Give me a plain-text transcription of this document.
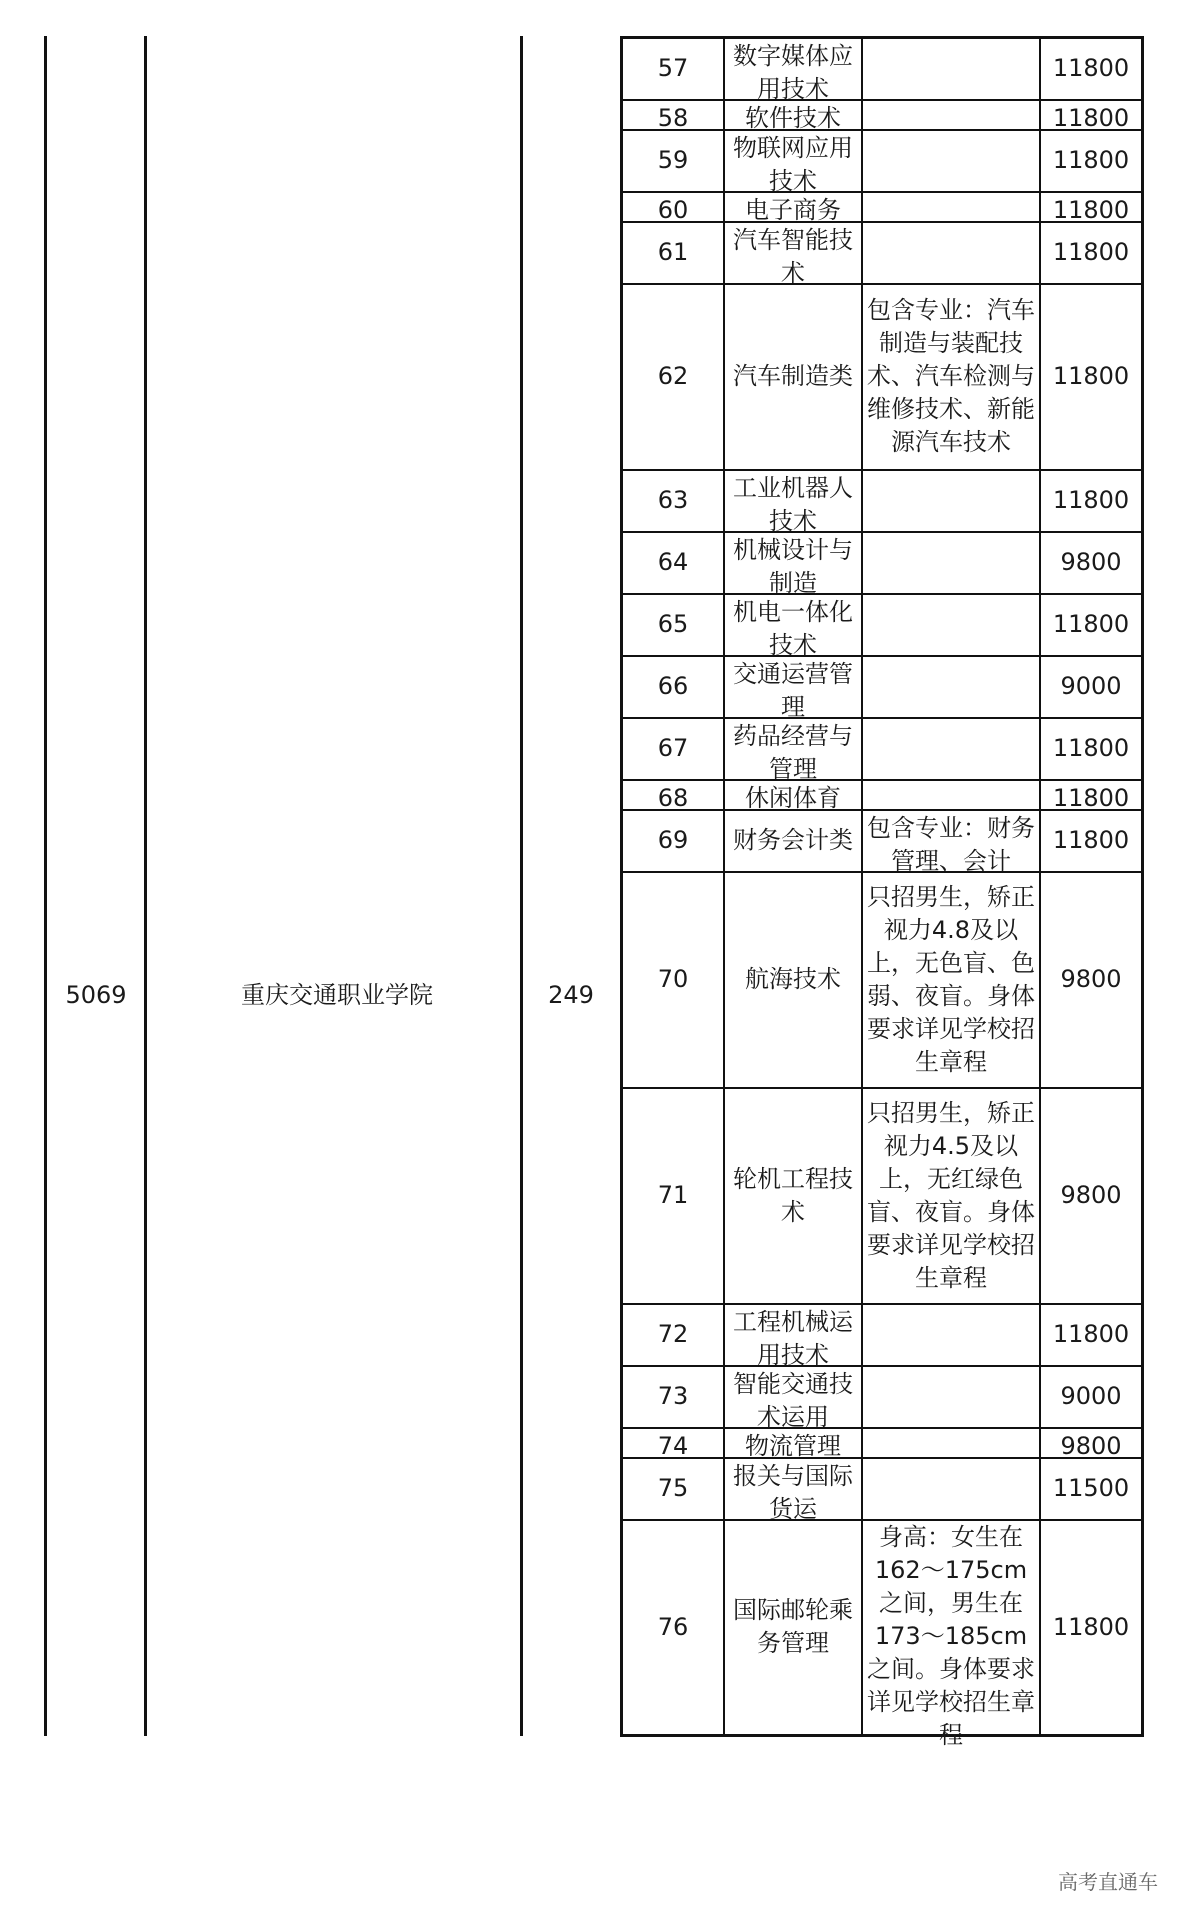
5069	重庆交通职业学院	249
57	数字媒体应用技术		11800

58	软件技术		11800

59	物联网应用技术		11800

60	电子商务		11800

61	汽车智能技术		11800

62	汽车制造类	包含专业：汽车制造与装配技术、汽车检测与维修技术、新能源汽车技术	11800

63	工业机器人技术		11800

64	机械设计与制造		9800

65	机电一体化技术		11800

66	交通运营管理		9000

67	药品经营与管理		11800

68	休闲体育		11800

69	财务会计类	包含专业：财务管理、会计	11800

70	航海技术	只招男生，矫正视力4.8及以上，无色盲、色弱、夜盲。身体要求详见学校招生章程	9800

71	轮机工程技术	只招男生，矫正视力4.5及以上，无红绿色盲、夜盲。身体要求详见学校招生章程	9800

72	工程机械运用技术		11800

73	智能交通技术运用		9000

74	物流管理		9800

75	报关与国际货运		11500

76	国际邮轮乘务管理	身高：女生在162～175cm之间，男生在173～185cm之间。身体要求详见学校招生章程	11800
高考直通车
